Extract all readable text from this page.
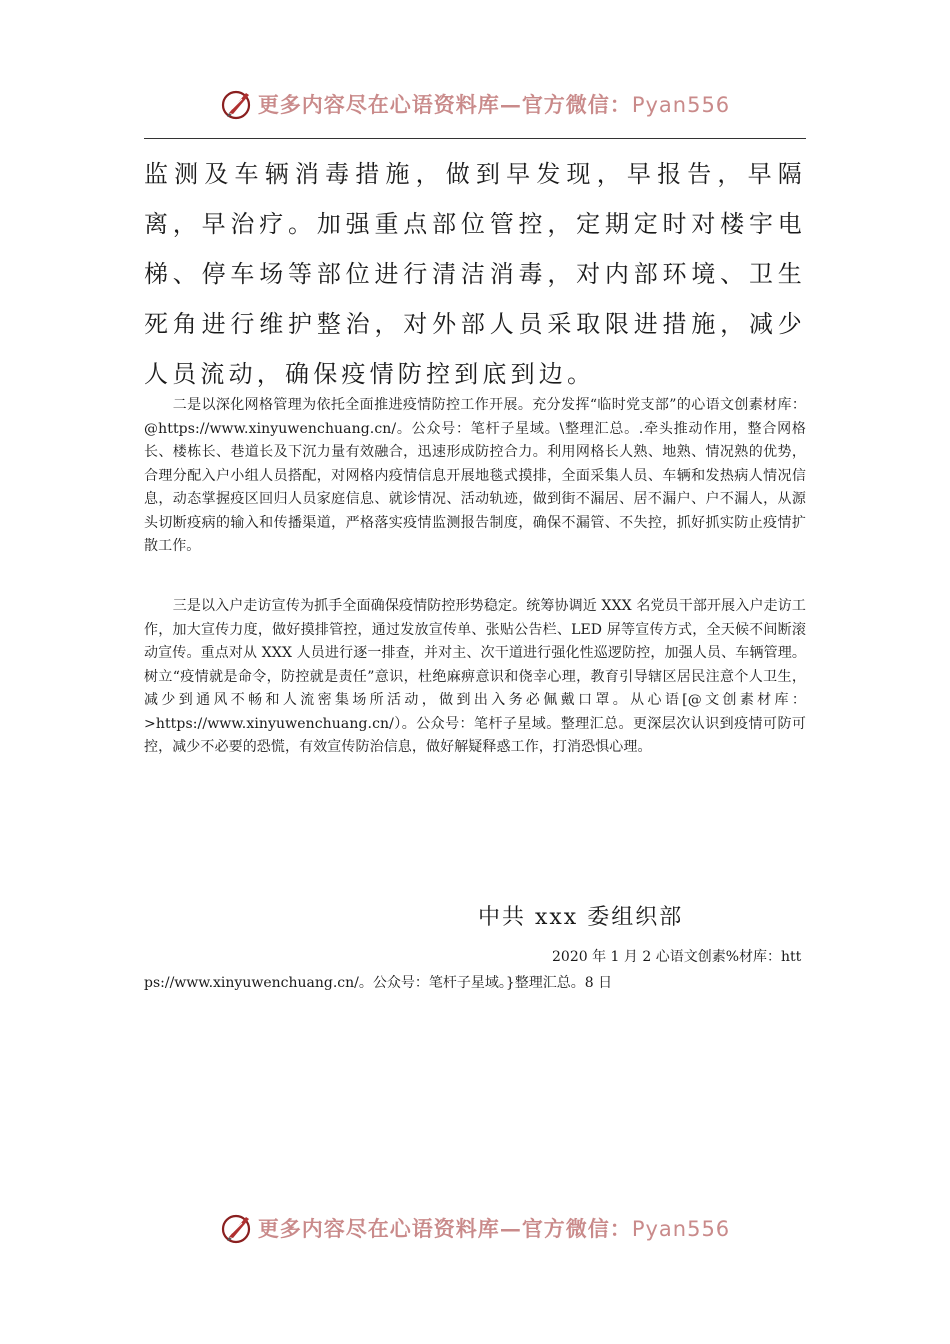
更多内容尽在心语资料库—官方微信：Pyan556

监测及车辆消毒措施，做到早发现，早报告，早隔离，早治疗。加强重点部位管控，定期定时对楼宇电梯、停车场等部位进行清洁消毒，对内部环境、卫生死角进行维护整治，对外部人员采取限进措施，减少人员流动，确保疫情防控到底到边。

二是以深化网格管理为依托全面推进疫情防控工作开展。充分发挥“临时党支部”的心语文创素材库：@https://www.xinyuwenchuang.cn/。公众号：笔杆子星域。\整理汇总。.牵头推动作用，整合网格长、楼栋长、巷道长及下沉力量有效融合，迅速形成防控合力。利用网格长人熟、地熟、情况熟的优势，合理分配入户小组人员搭配，对网格内疫情信息开展地毯式摸排，全面采集人员、车辆和发热病人情况信息，动态掌握疫区回归人员家庭信息、就诊情况、活动轨迹，做到街不漏居、居不漏户、户不漏人，从源头切断疫病的输入和传播渠道，严格落实疫情监测报告制度，确保不漏管、不失控，抓好抓实防止疫情扩散工作。

三是以入户走访宣传为抓手全面确保疫情防控形势稳定。统筹协调近 XXX 名党员干部开展入户走访工作，加大宣传力度，做好摸排管控，通过发放宣传单、张贴公告栏、LED 屏等宣传方式，全天候不间断滚动宣传。重点对从 XXX 人员进行逐一排查，并对主、次干道进行强化性巡逻防控，加强人员、车辆管理。树立“疫情就是命令，防控就是责任”意识，杜绝麻痹意识和侥幸心理，教育引导辖区居民注意个人卫生，减少到通风不畅和人流密集场所活动，做到出入务必佩戴口罩。从心语[@文创素材库：>https://www.xinyuwenchuang.cn/）。公众号：笔杆子星域。整理汇总。更深层次认识到疫情可防可控，减少不必要的恐慌，有效宣传防治信息，做好解疑释惑工作，打消恐惧心理。

中共 xxx 委组织部

2020 年 1 月 2 心语文创素%材库：https://www.xinyuwenchuang.cn/。公众号：笔杆子星域。}整理汇总。8 日

更多内容尽在心语资料库—官方微信：Pyan556
